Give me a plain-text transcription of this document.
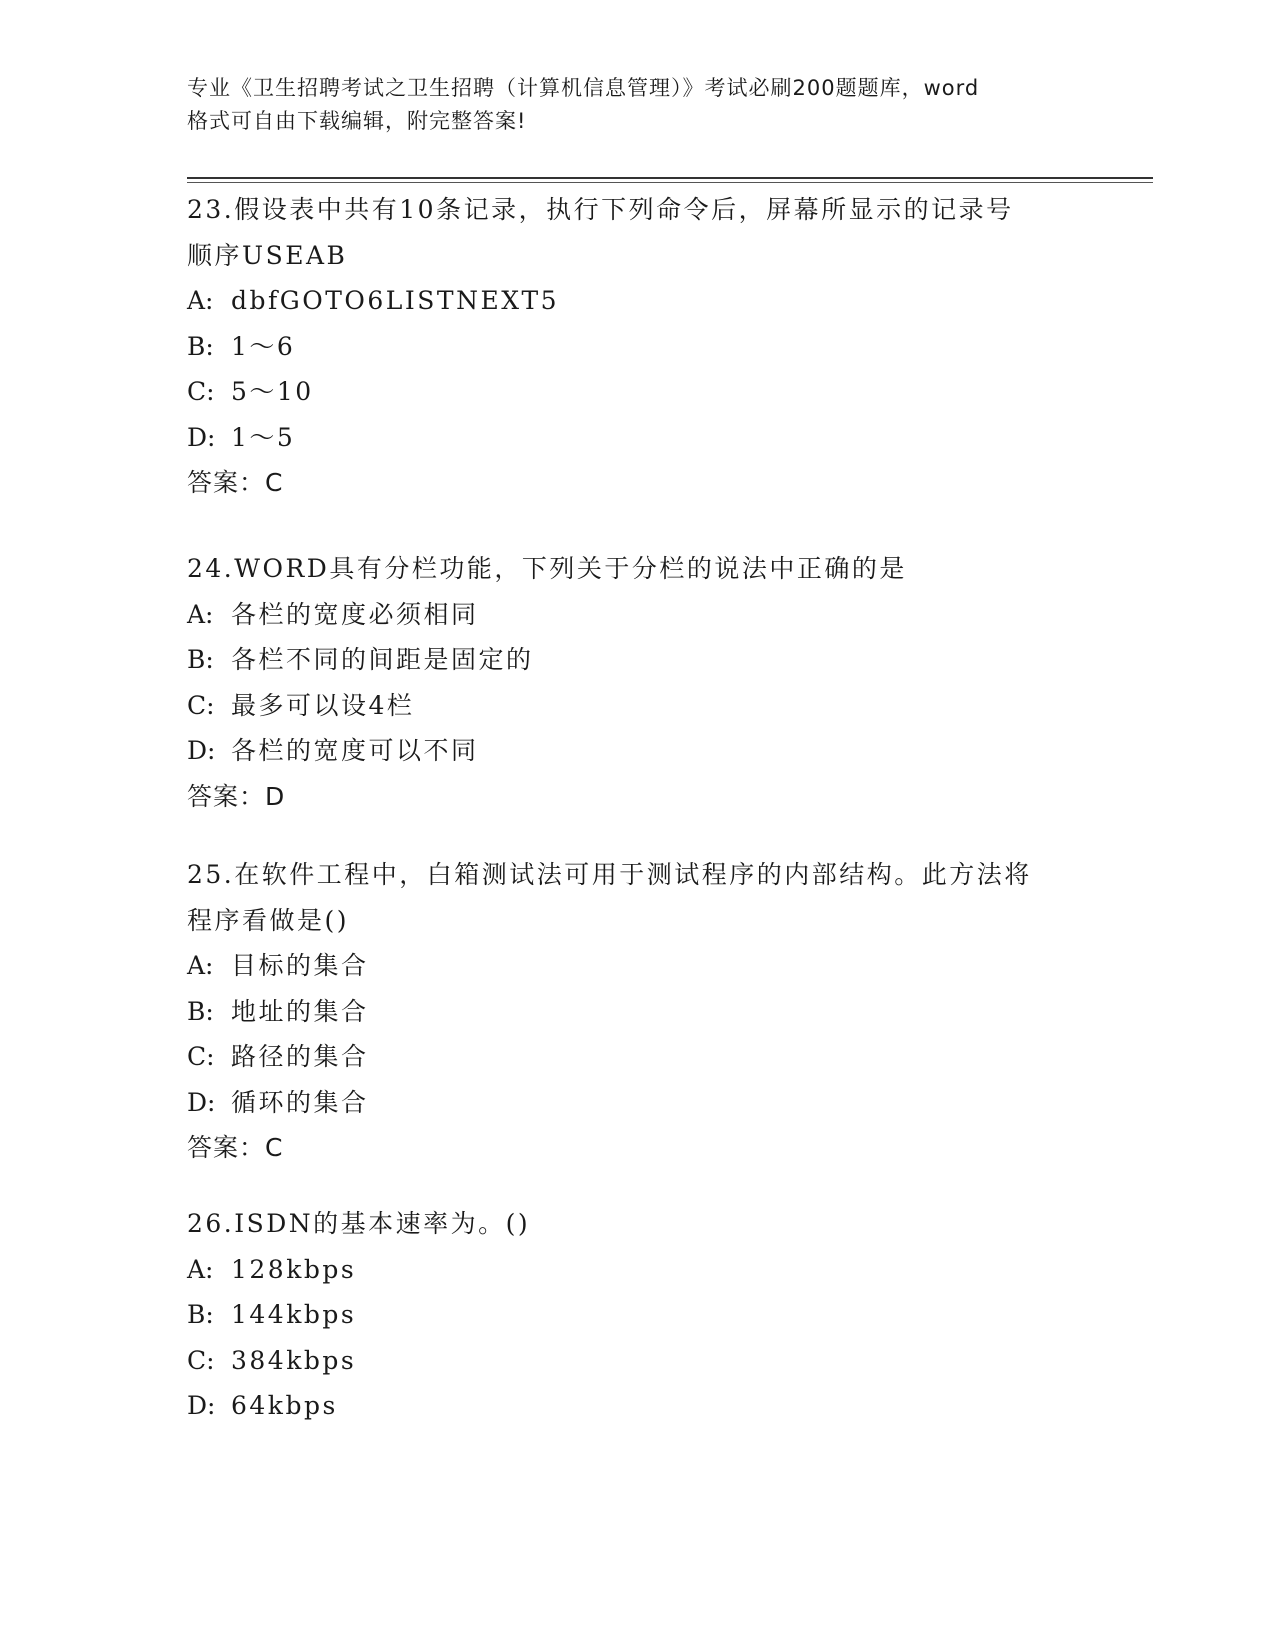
专业《卫生招聘考试之卫生招聘（计算机信息管理）》考试必刷200题题库，word
格式可自由下载编辑，附完整答案!
23.假设表中共有10条记录，执行下列命令后，屏幕所显示的记录号
顺序USEAB
A: dbfGOTO6LISTNEXT5
B: 1～6
C: 5～10
D: 1～5
答案：C
24.WORD具有分栏功能，下列关于分栏的说法中正确的是
A: 各栏的宽度必须相同
B: 各栏不同的间距是固定的
C: 最多可以设4栏
D: 各栏的宽度可以不同
答案：D
25.在软件工程中，白箱测试法可用于测试程序的内部结构。此方法将
程序看做是()
A: 目标的集合
B: 地址的集合
C: 路径的集合
D: 循环的集合
答案：C
26.ISDN的基本速率为。()
A: 128kbps
B: 144kbps
C: 384kbps
D: 64kbps
